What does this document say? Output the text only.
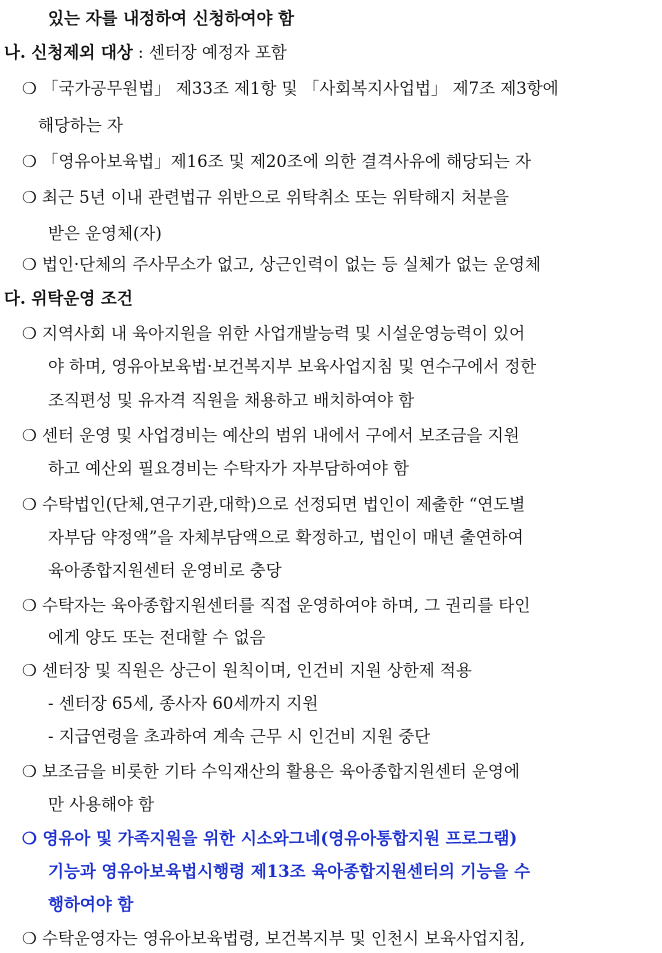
있는 자를 내정하여 신청하여야 함
나. 신청제외 대상 : 센터장 예정자 포함
❍ 「국가공무원법」 제33조 제1항 및 「사회복지사업법」 제7조 제3항에
해당하는 자
❍ 「영유아보육법」제16조 및 제20조에 의한 결격사유에 해당되는 자
❍ 최근 5년 이내 관련법규 위반으로 위탁취소 또는 위탁해지 처분을
받은 운영체(자)
❍ 법인·단체의 주사무소가 없고, 상근인력이 없는 등 실체가 없는 운영체
다. 위탁운영 조건
❍ 지역사회 내 육아지원을 위한 사업개발능력 및 시설운영능력이 있어
야 하며, 영유아보육법·보건복지부 보육사업지침 및 연수구에서 정한
조직편성 및 유자격 직원을 채용하고 배치하여야 함
❍ 센터 운영 및 사업경비는 예산의 범위 내에서 구에서 보조금을 지원
하고 예산외 필요경비는 수탁자가 자부담하여야 함
❍ 수탁법인(단체,연구기관,대학)으로 선정되면 법인이 제출한 “연도별
자부담 약정액”을 자체부담액으로 확정하고, 법인이 매년 출연하여
육아종합지원센터 운영비로 충당
❍ 수탁자는 육아종합지원센터를 직접 운영하여야 하며, 그 권리를 타인
에게 양도 또는 전대할 수 없음
❍ 센터장 및 직원은 상근이 원칙이며, 인건비 지원 상한제 적용
- 센터장 65세, 종사자 60세까지 지원
- 지급연령을 초과하여 계속 근무 시 인건비 지원 중단
❍ 보조금을 비롯한 기타 수익재산의 활용은 육아종합지원센터 운영에
만 사용해야 함
❍ 영유아 및 가족지원을 위한 시소와그네(영유아통합지원 프로그램)
기능과 영유아보육법시행령 제13조 육아종합지원센터의 기능을 수
행하여야 함
❍ 수탁운영자는 영유아보육법령, 보건복지부 및 인천시 보육사업지침,
